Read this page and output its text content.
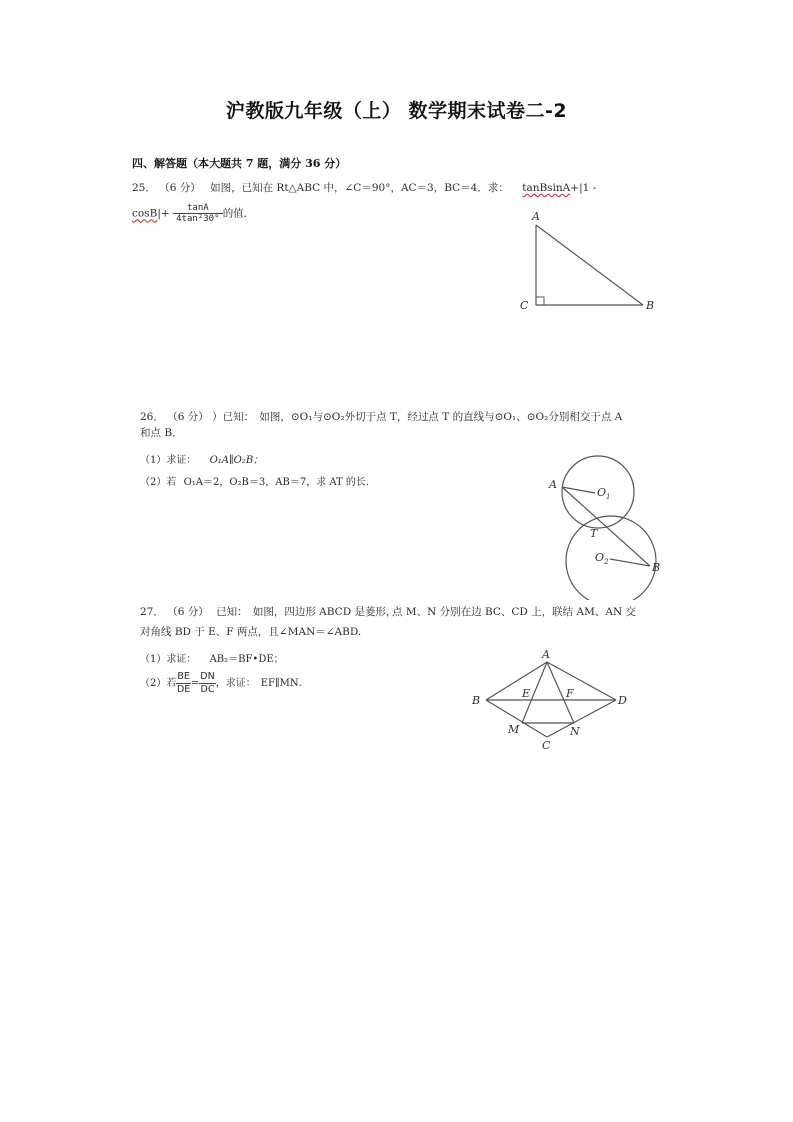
沪教版九年级（上） 数学期末试卷二-2
四、解答题（本大题共 7 题，满分 36 分）
25． （6 分） 如图，已知在 Rt△ABC 中，∠C＝90°，AC＝3，BC＝4．求： tanBsinA+|1 -
$\cos B|+ \frac{\tan A}{\text{4tan²30°}}$ 的值．	A
C	B
26． （6 分） ）已知：　如图，⊙O₁与⊙O₂外切于点 T，经过点 T 的直线与⊙O₁、⊙O₂分别相交于点 A
和点 B．
（1）求证： O₁A∥O₂B；
（2）若 O₁A＝2，O₂B＝3，AB＝7，求 AT 的长．	A
$O_1$
T
$O_2$	B
27． （6 分） 已知：　如图，四边形 ABCD 是菱形，
点 M、N 分别在边 BC、CD 上，联结 AM、AN 交
对角线 BD 于 E、F 两点，且∠MAN＝∠ABD.
（1）求证： AB₂＝BF•DE；
（2）若 $\frac{BE}{DE} = \frac{DN}{DC}$ ，求证：　EF∥MN．
A
B	D
C
E	F
M	N
